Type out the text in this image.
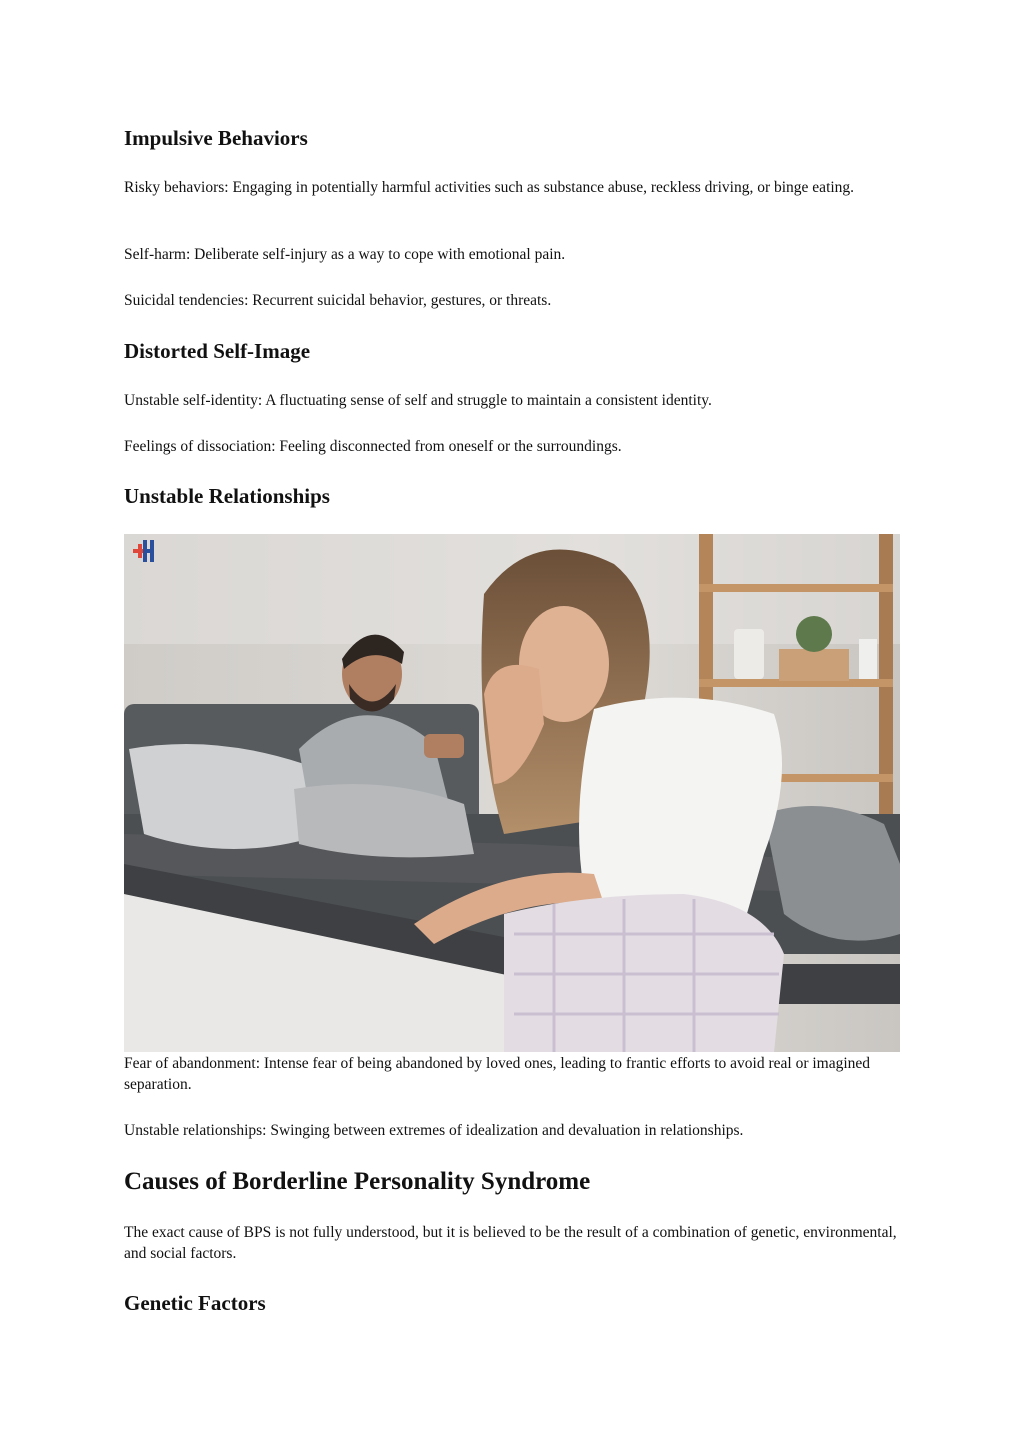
Impulsive Behaviors

Risky behaviors: Engaging in potentially harmful activities such as substance abuse, reckless driving, or binge eating.

Self-harm: Deliberate self-injury as a way to cope with emotional pain.

Suicidal tendencies: Recurrent suicidal behavior, gestures, or threats.

Distorted Self-Image

Unstable self-identity: A fluctuating sense of self and struggle to maintain a consistent identity.

Feelings of dissociation: Feeling disconnected from oneself or the surroundings.

Unstable Relationships

Fear of abandonment: Intense fear of being abandoned by loved ones, leading to frantic efforts to avoid real or imagined separation.

Unstable relationships: Swinging between extremes of idealization and devaluation in relationships.

Causes of Borderline Personality Syndrome

The exact cause of BPS is not fully understood, but it is believed to be the result of a combination of genetic, environmental, and social factors.

Genetic Factors
